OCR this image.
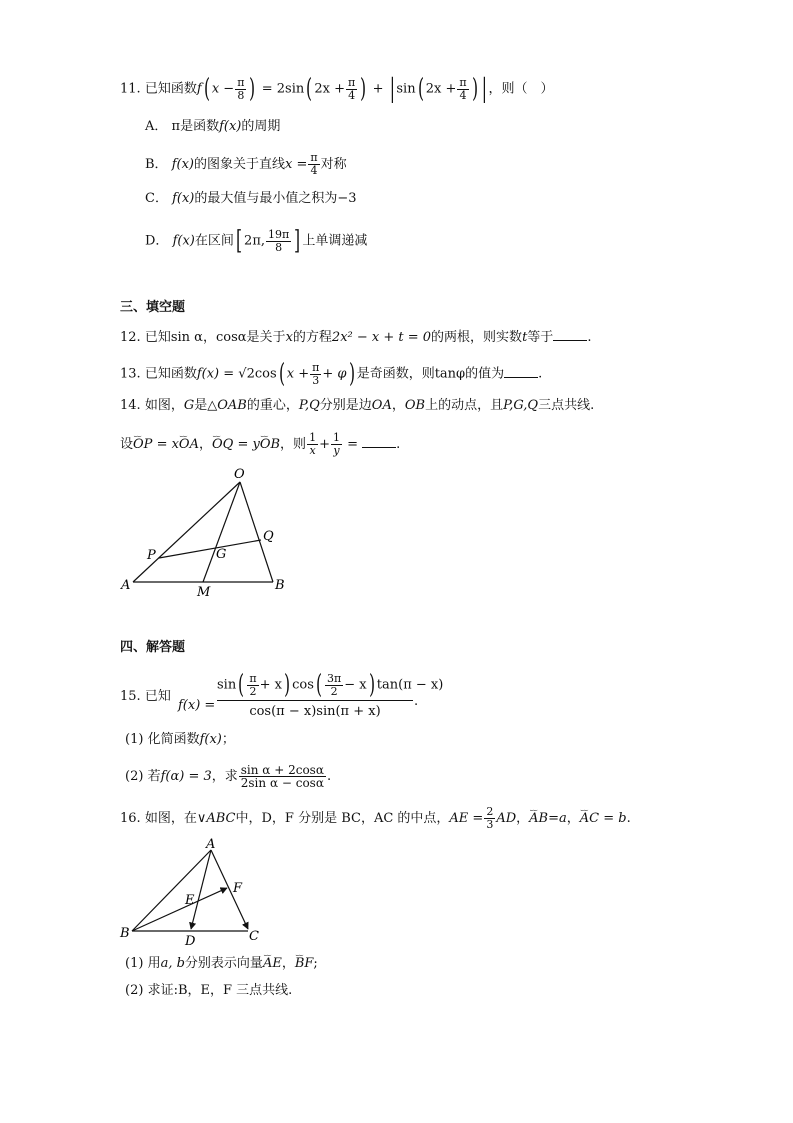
11. 已知函数f( $x - \frac{\pi}{8}$ ) = 2sin( $2x + \frac{\pi}{4}$ ) + | sin( $2x + \frac{\pi}{4}$ ) | ，则（　）
A． π是函数f(x)的周期
B． f(x)的图象关于直线$x = \frac{\pi}{4}$ 对称
C． f(x)的最大值与最小值之积为−3
D． f(x)在区间[ 2π, $\frac{19\pi}{8}$ ] 上单调递减
三、填空题
12. 已知sin α，cosα是关于x的方程2x² − x + t = 0的两根，则实数t等于	.
13. 已知函数f(x) = √2cos( $x + \frac{\pi}{3} + \varphi$) 是奇函数，则tanφ的值为	.
14. 如图，G是△OAB的重心，P,Q分别是边OA，OB上的动点，且P,G,Q三点共线.
设⌣⌣ OP = x⌣⌣ OA，⌣⌣ OQ = y⌣⌣ OB，则 $\frac{1}{x}+ \frac{1}{y}$ =	.
O
P
Q
G
A	M	B
四、解答题
15. 已知
$f(x) = \frac{\sin( \frac{\pi}{2} + x) \cos( \frac{3\pi}{2} - x) \tan(\pi - x)}{\cos(\pi - x)\sin(\pi + x)}$ .
(1) 化简函数f(x)；
(2) 若f(α) = 3，求 $\frac{\text{sin α + 2cosα}}{\text{2sin α − cosα}}$ .
16. 如图，在∨ABC中，D，F 分别是 BC，AC 的中点，AE = $\frac{2}{3}$ AD，⌣⌣ AB=a，⌣⌣ AC = b.
A
B	C
D
E
F
(1) 用a, b分别表示向量⌣⌣ AE，⌣⌣ BF;
(2) 求证:B，E，F 三点共线.
